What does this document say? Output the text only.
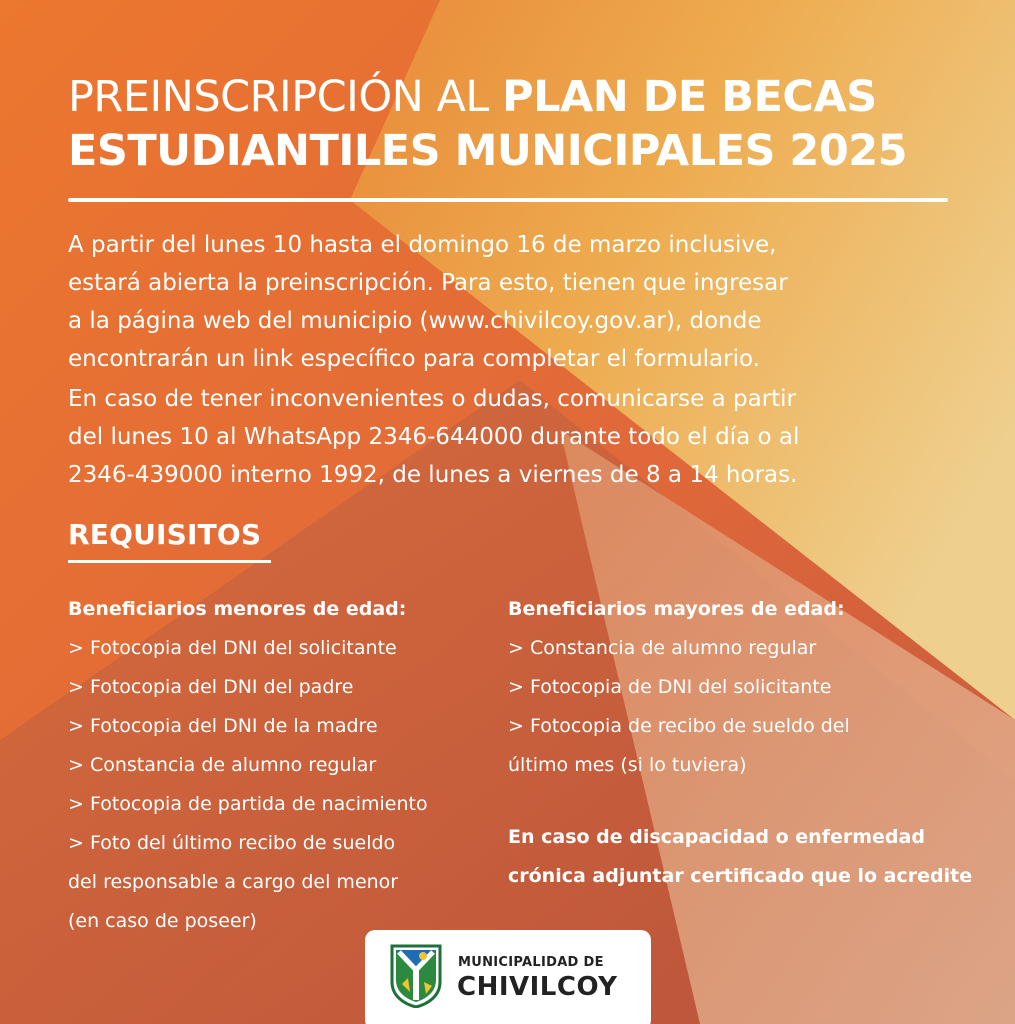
PREINSCRIPCIÓN AL PLAN DE BECAS
ESTUDIANTILES MUNICIPALES 2025

A partir del lunes 10 hasta el domingo 16 de marzo inclusive,

estará abierta la preinscripción. Para esto, tienen que ingresar

a la página web del municipio (www.chivilcoy.gov.ar), donde

encontrarán un link específico para completar el formulario.

En caso de tener inconvenientes o dudas, comunicarse a partir

del lunes 10 al WhatsApp 2346-644000 durante todo el día o al

2346-439000 interno 1992, de lunes a viernes de 8 a 14 horas.

REQUISITOS
Beneficiarios menores de edad:
> Fotocopia del DNI del solicitante
> Fotocopia del DNI del padre
> Fotocopia del DNI de la madre
> Constancia de alumno regular
> Fotocopia de partida de nacimiento
> Foto del último recibo de sueldo
del responsable a cargo del menor
(en caso de poseer)
Beneficiarios mayores de edad:
> Constancia de alumno regular
> Fotocopia de DNI del solicitante
> Fotocopia de recibo de sueldo del
último mes (si lo tuviera)
En caso de discapacidad o enfermedad
crónica adjuntar certificado que lo acredite
MUNICIPALIDAD DE
CHIVILCOY
